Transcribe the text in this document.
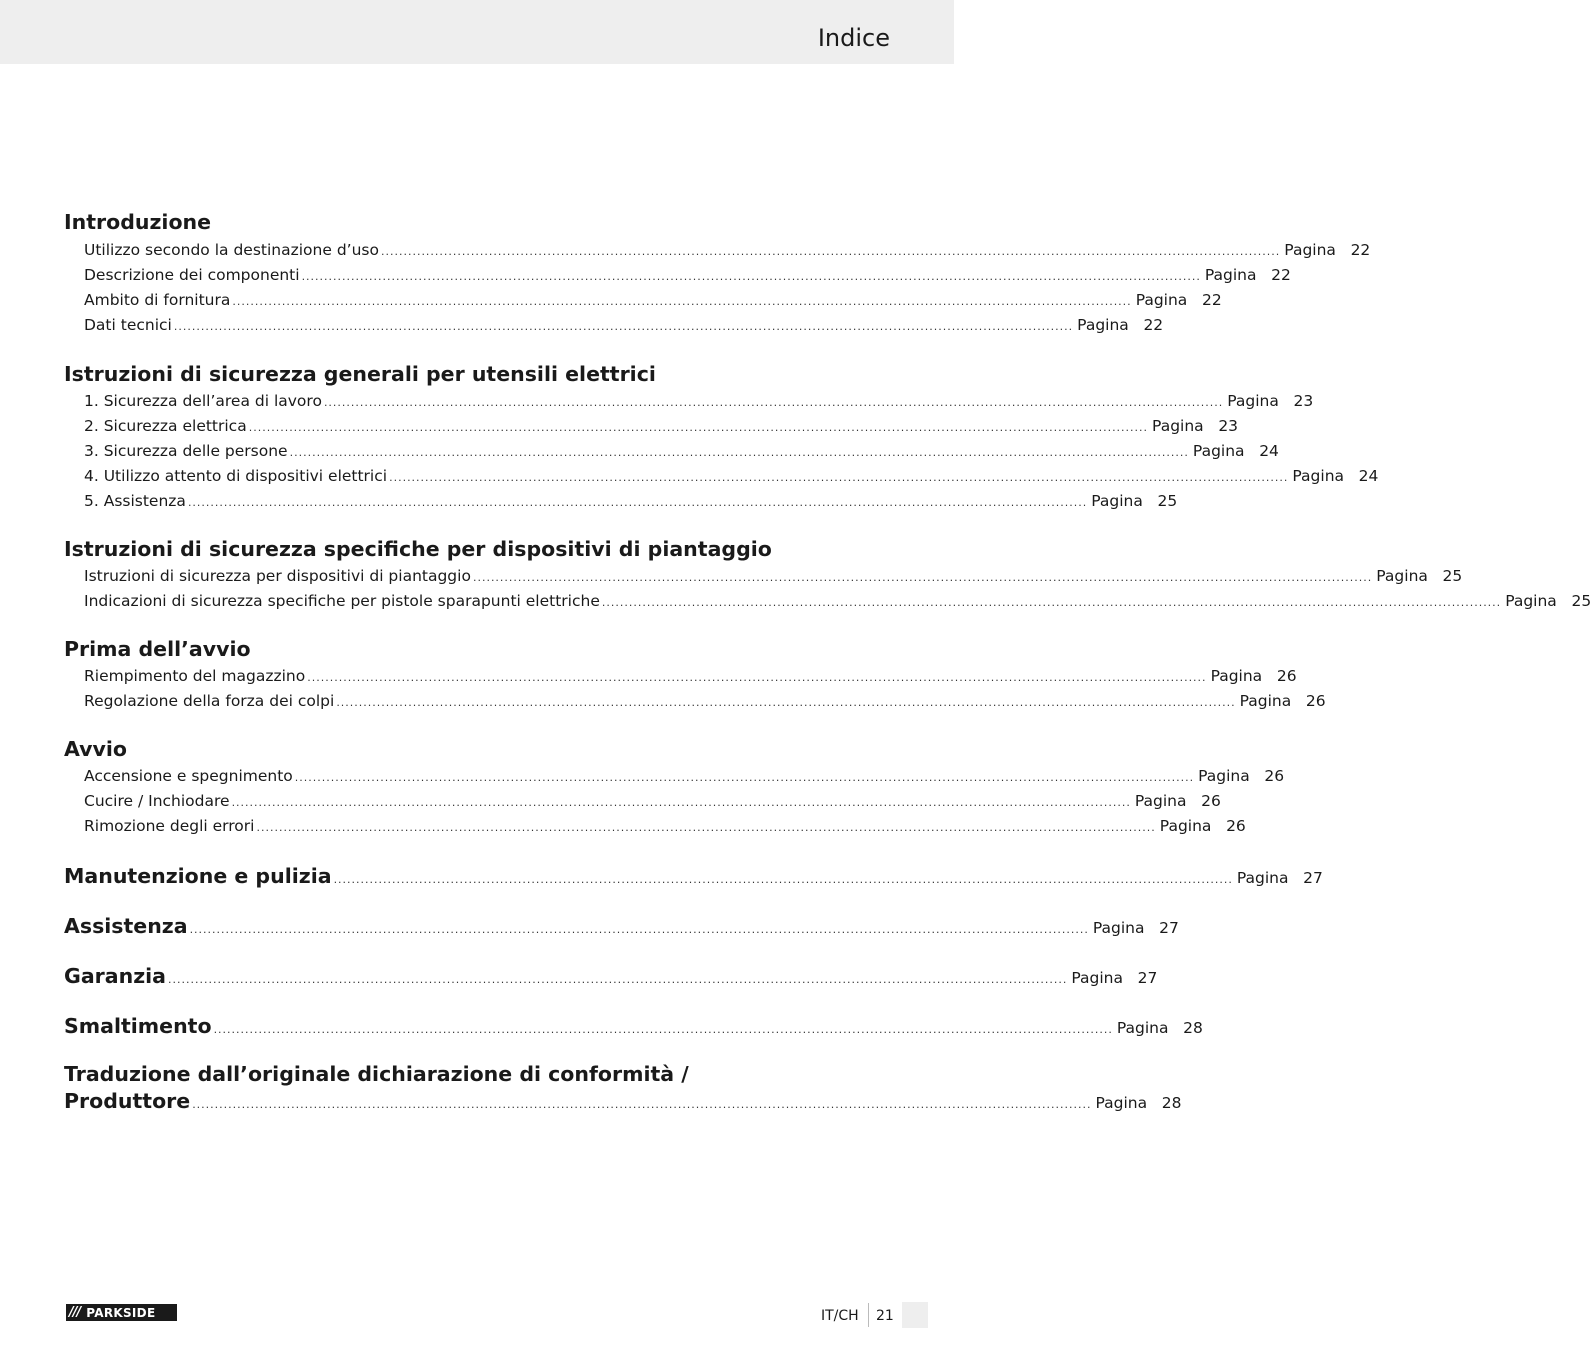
Indice
Introduzione
Utilizzo secondo la destinazione d’uso ........................................................................................................................................................................................................ Pagina 22
Descrizione dei componenti ........................................................................................................................................................................................................ Pagina 22
Ambito di fornitura ........................................................................................................................................................................................................ Pagina 22
Dati tecnici ........................................................................................................................................................................................................ Pagina 22
Istruzioni di sicurezza generali per utensili elettrici
1. Sicurezza dell’area di lavoro ........................................................................................................................................................................................................ Pagina 23
2. Sicurezza elettrica ........................................................................................................................................................................................................ Pagina 23
3. Sicurezza delle persone ........................................................................................................................................................................................................ Pagina 24
4. Utilizzo attento di dispositivi elettrici ........................................................................................................................................................................................................ Pagina 24
5. Assistenza ........................................................................................................................................................................................................ Pagina 25
Istruzioni di sicurezza specifiche per dispositivi di piantaggio
Istruzioni di sicurezza per dispositivi di piantaggio ........................................................................................................................................................................................................ Pagina 25
Indicazioni di sicurezza specifiche per pistole sparapunti elettriche ........................................................................................................................................................................................................ Pagina 25
Prima dell’avvio
Riempimento del magazzino ........................................................................................................................................................................................................ Pagina 26
Regolazione della forza dei colpi ........................................................................................................................................................................................................ Pagina 26
Avvio
Accensione e spegnimento ........................................................................................................................................................................................................ Pagina 26
Cucire / Inchiodare ........................................................................................................................................................................................................ Pagina 26
Rimozione degli errori ........................................................................................................................................................................................................ Pagina 26
Manutenzione e pulizia ........................................................................................................................................................................................................ Pagina 27
Assistenza ........................................................................................................................................................................................................ Pagina 27
Garanzia ........................................................................................................................................................................................................ Pagina 27
Smaltimento ........................................................................................................................................................................................................ Pagina 28
Traduzione dall’originale dichiarazione di conformità /
Produttore ........................................................................................................................................................................................................ Pagina 28
/// PARKSIDE	IT/CH 21
